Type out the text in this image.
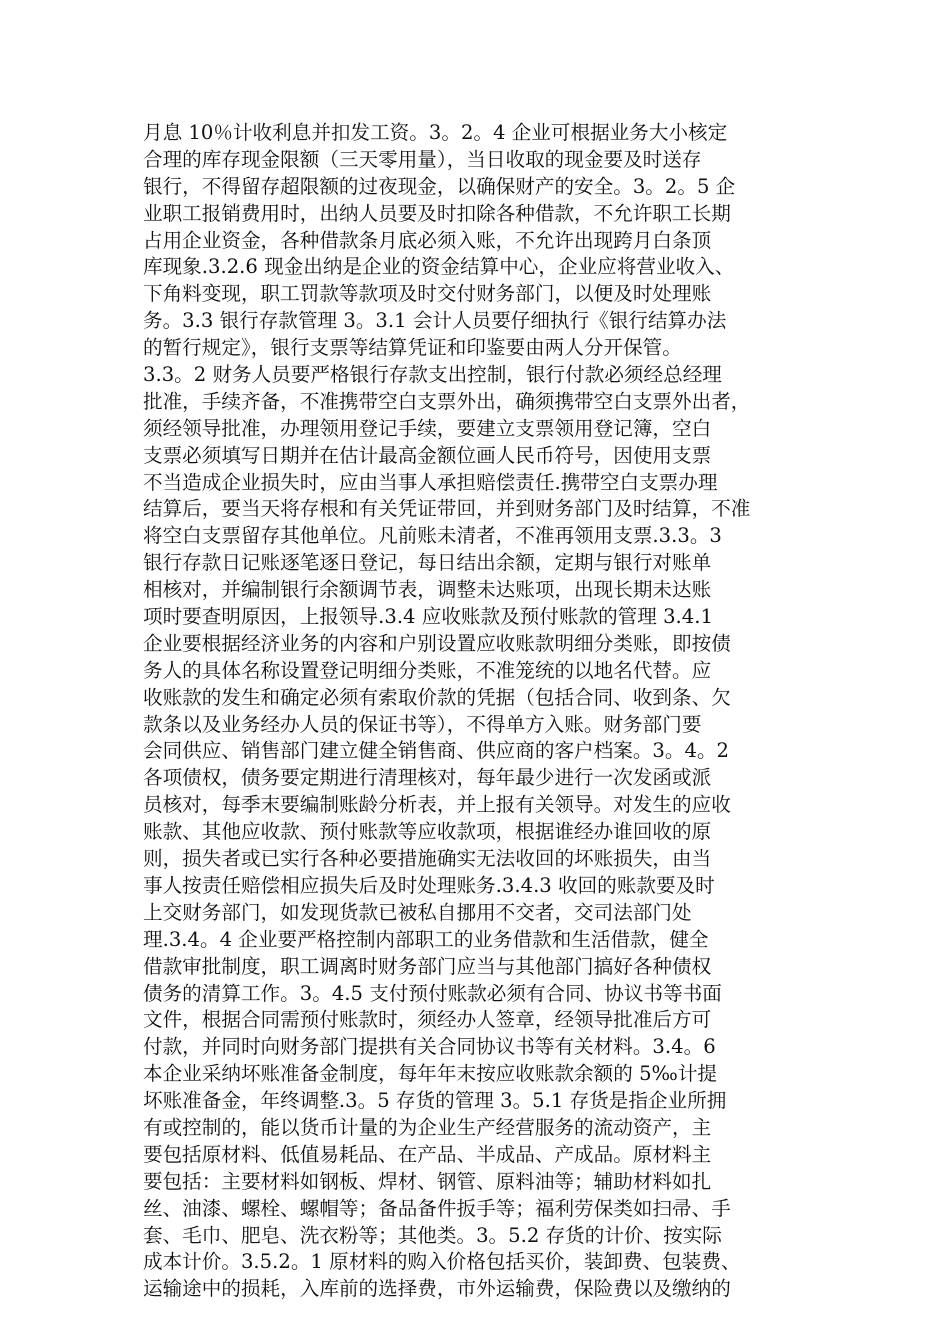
月息 10％计收利息并扣发工资。3。2。4 企业可根据业务大小核定
合理的库存现金限额（三天零用量），当日收取的现金要及时送存
银行，不得留存超限额的过夜现金，以确保财产的安全。3。2。5 企
业职工报销费用时，出纳人员要及时扣除各种借款，不允许职工长期
占用企业资金，各种借款条月底必须入账，不允许出现跨月白条顶
库现象.3.2.6 现金出纳是企业的资金结算中心，企业应将营业收入、
下角料变现，职工罚款等款项及时交付财务部门，以便及时处理账
务。3.3 银行存款管理 3。3.1 会计人员要仔细执行《银行结算办法
的暂行规定》，银行支票等结算凭证和印鉴要由两人分开保管。
3.3。2 财务人员要严格银行存款支出控制，银行付款必须经总经理
批准，手续齐备，不准携带空白支票外出，确须携带空白支票外出者，
须经领导批准，办理领用登记手续，要建立支票领用登记簿，空白
支票必须填写日期并在估计最高金额位画人民币符号，因使用支票
不当造成企业损失时，应由当事人承担赔偿责任.携带空白支票办理
结算后，要当天将存根和有关凭证带回，并到财务部门及时结算，不准
将空白支票留存其他单位。凡前账未清者，不准再领用支票.3.3。3
银行存款日记账逐笔逐日登记，每日结出余额，定期与银行对账单
相核对，并编制银行余额调节表，调整未达账项，出现长期未达账
项时要查明原因，上报领导.3.4 应收账款及预付账款的管理 3.4.1
企业要根据经济业务的内容和户别设置应收账款明细分类账，即按债
务人的具体名称设置登记明细分类账，不准笼统的以地名代替。应
收账款的发生和确定必须有索取价款的凭据（包括合同、收到条、欠
款条以及业务经办人员的保证书等），不得单方入账。财务部门要
会同供应、销售部门建立健全销售商、供应商的客户档案。3。4。2
各项债权，债务要定期进行清理核对，每年最少进行一次发函或派
员核对，每季末要编制账龄分析表，并上报有关领导。对发生的应收
账款、其他应收款、预付账款等应收款项，根据谁经办谁回收的原
则，损失者或已实行各种必要措施确实无法收回的坏账损失，由当
事人按责任赔偿相应损失后及时处理账务.3.4.3 收回的账款要及时
上交财务部门，如发现货款已被私自挪用不交者，交司法部门处
理.3.4。4 企业要严格控制内部职工的业务借款和生活借款，健全
借款审批制度，职工调离时财务部门应当与其他部门搞好各种债权
债务的清算工作。3。4.5 支付预付账款必须有合同、协议书等书面
文件，根据合同需预付账款时，须经办人签章，经领导批准后方可
付款，并同时向财务部门提拱有关合同协议书等有关材料。3.4。6
本企业采纳坏账准备金制度，每年年末按应收账款余额的 5‰计提
坏账准备金，年终调整.3。5 存货的管理 3。5.1 存货是指企业所拥
有或控制的，能以货币计量的为企业生产经营服务的流动资产，主
要包括原材料、低值易耗品、在产品、半成品、产成品。原材料主
要包括：主要材料如钢板、焊材、钢管、原料油等；辅助材料如扎
丝、油漆、螺栓、螺帽等；备品备件扳手等；福利劳保类如扫帚、手
套、毛巾、肥皂、洗衣粉等；其他类。3。5.2 存货的计价、按实际
成本计价。3.5.2。1 原材料的购入价格包括买价，装卸费、包装费、
运输途中的损耗，入库前的选择费，市外运输费，保险费以及缴纳的
